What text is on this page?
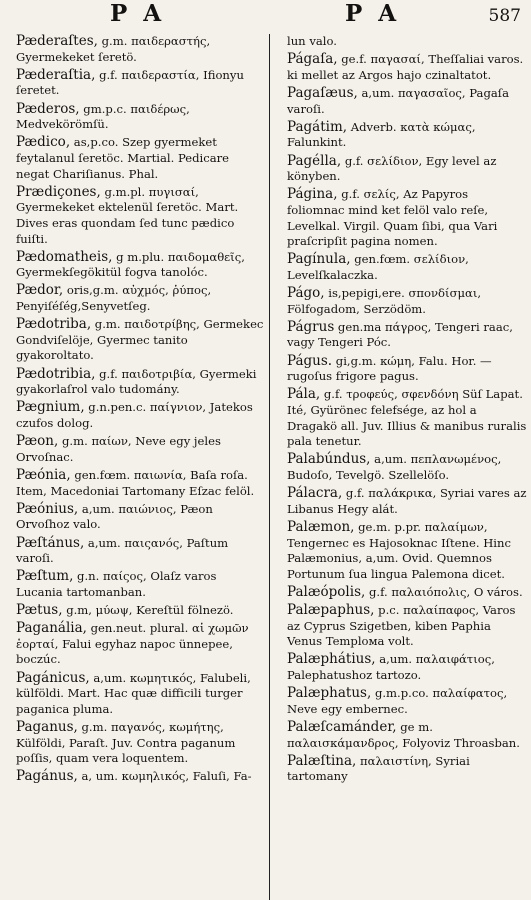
P A	P A	587
Pæderaſtes, g.m. παιδεραστής, Gyermekeket ſeretö.
Pæderaſtia, g.f. παιδεραστία, Ifionyu ſeretet.
Pæderos, gm.p.c. παιδέρως, Medvekörömſü.
Pædico, as,p.co. Szep gyermeket feytalanul ſeretöc. Martial. Pedicare negat Chariſianus. Phal.
Prædiçones, g.m.pl. πυγισαί, Gyermekeket ektelenül ſeretöc. Mart. Dives eras quondam ſed tunc pædico fuiſti.
Pædomatheis, g m.plu. παιδομαθεῖς, Gyermekſegökitül fogva tanolóc.
Pædor, oris,g.m. αὐχμός, ῥύπος, Penyiſéſég,Senyvetſeg.
Pædotriba, g.m. παιδοτρίβης, Germekec Gondviſelöje, Gyermec tanito gyakoroltato.
Pædotribia, g.f. παιδοτριβία, Gyermeki gyakorlaſrol valo tudomány.
Pægnium, g.n.pen.c. παίγνιον, Jatekos czufos dolog.
Pæon, g.m. παίων, Neve egy jeles Orvoſnac.
Pæónia, gen.fœm. παιωνία, Baſa roſa. Item, Macedoniai Tartomany Eſzac felöl.
Pæónius, a,um. παιώνιος, Pæon Orvoſhoz valo.
Pæſtánus, a,um. παιςανός, Paſtum varoſi.
Pæſtum, g.n. παίςος, Olaſz varos Lucania tartomanban.
Pætus, g.m, μύωψ, Kereſtül fölnezö.
Paganália, gen.neut. plural. αἱ χωμῶν ἑορταί, Falui egyhaz napoc ünnepee, boczúc.
Pagánicus, a,um. κωμητικός, Falubeli, külföldi. Mart. Hac quæ difficili turger paganica pluma.
Paganus, g.m. παγανός, κωμήτης, Külföldi, Paraſt. Juv. Contra paganum poſſis, quam vera loquentem.
Pagánus, a, um. κωμηλικός, Faluſi, Fa-
lun valo.
Págaſa, ge.f. παγασαί, Theſſaliai varos. ki mellet az Argos hajo czinaltatot.
Pagaſæus, a,um. παγασαῖος, Pagaſa varoſi.
Pagátim, Adverb. κατὰ κώμας, Falunkint.
Pagélla, g.f. σελίδιον, Egy level az könyben.
Página, g.f. σελίς, Az Papyros foliomnac mind ket felöl valo reſe, Levelkal. Virgil. Quam ſibi, qua Vari praſcripſit pagina nomen.
Pagínula, gen.fœm. σελίδιον, Levelſkalaczka.
Págo, is,pepigi,ere. σπονδίσμαι, Fölfogadom, Serzödöm.
Págrus gen.ma πάγρος, Tengeri raac, vagy Tengeri Póc.
Págus. gi,g.m. κώμη, Falu. Hor. — rugoſus frigore pagus.
Pála, g.f. τροφεύς, σφενδόνη Süſ Lapat. Ité, Gyürönec felefsége, az hol a Dragakö all. Juv. Illius & manibus ruralis pala tenetur.
Palabúndus, a,um. πεπλανωμένος, Budoſo, Tevelgö. Szellelöſo.
Pálacra, g.f. παλάκρικα, Syriai vares az Libanus Hegy alát.
Palæmon, ge.m. p.pr. παλαίμων, Tengernec es Hajosoknac Iſtene. Hinc Palæmonius, a,um. Ovid. Quemnos Portunum ſua lingua Palemona dicet.
Palæópolis, g.f. παλαιόπολις, O város.
Palæpaphus, p.c. παλαίπαφος, Varos az Cyprus Szigetben, kiben Paphia Venus Templома volt.
Palæphátius, a,um. παλαιφάτιος, Palephatushoz tartozo.
Palæphatus, g.m.p.co. παλαίφατος, Neve egy embernec.
Palæſcamánder, ge m. παλαισκάμανδρος, Folyoviz Throasban.
Palæſtina, παλαιστίνη, Syriai tartomany
